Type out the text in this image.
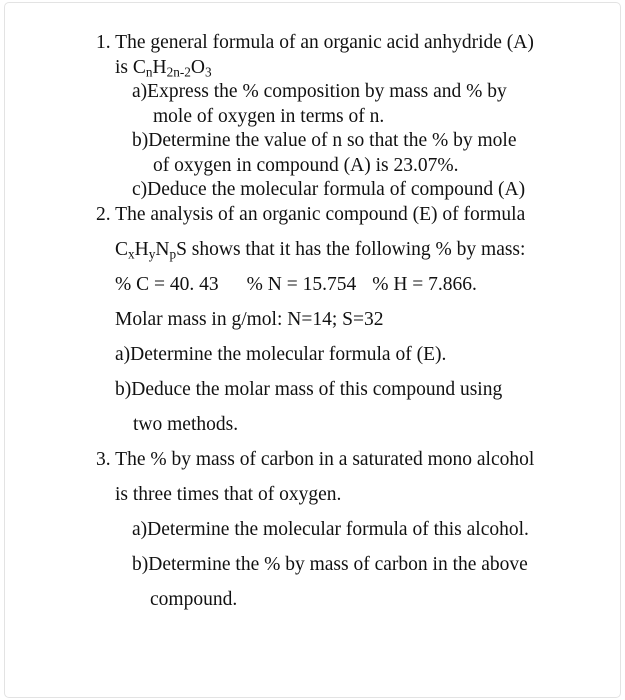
1. The general formula of an organic acid anhydride (A)
is $C_nH_{2n-2}O_3$
a)Express the % composition by mass and % by
mole of oxygen in terms of n.
b)Determine the value of n so that the % by mole
of oxygen in compound (A) is 23.07%.
c)Deduce the molecular formula of compound (A)
2. The analysis of an organic compound (E) of formula
$C_xH_yN_pS$ shows that it has the following % by mass:
% C = 40. 43 % N = 15.754 % H = 7.866.
Molar mass in g/mol: N=14; S=32
a)Determine the molecular formula of (E).
b)Deduce the molar mass of this compound using
two methods.
3. The % by mass of carbon in a saturated mono alcohol
is three times that of oxygen.
a)Determine the molecular formula of this alcohol.
b)Determine the % by mass of carbon in the above
compound.
